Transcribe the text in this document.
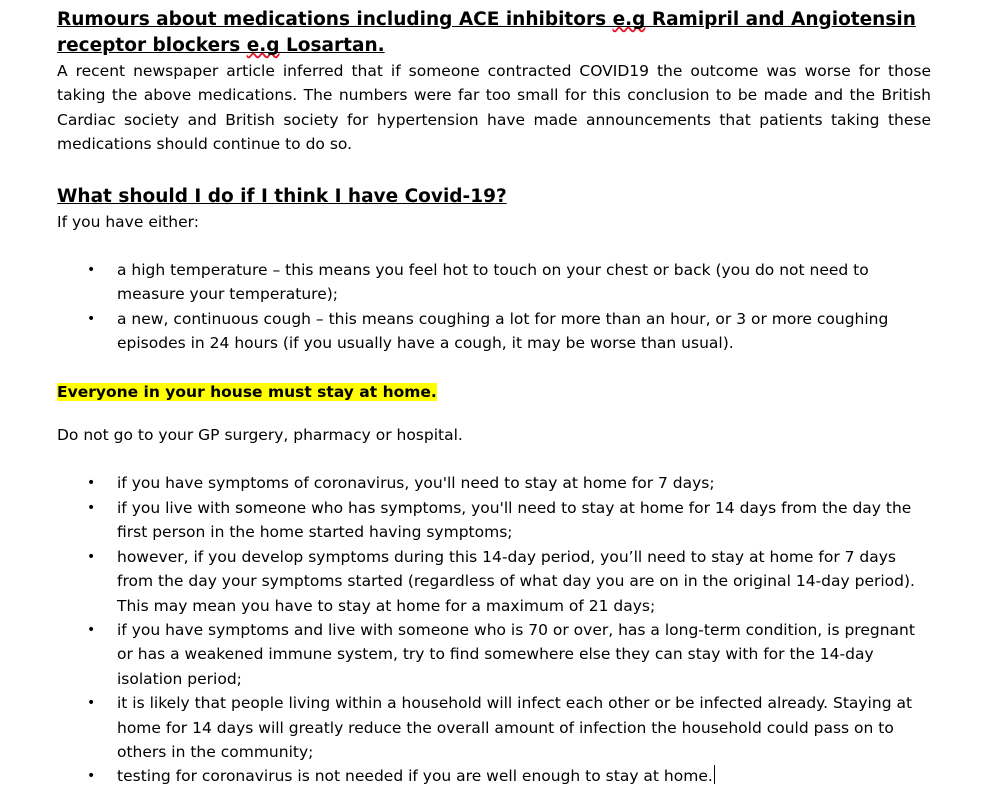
Rumours about medications including ACE inhibitors e.g Ramipril and Angiotensin receptor blockers e.g Losartan.

A recent newspaper article inferred that if someone contracted COVID19 the outcome was worse for those taking the above medications. The numbers were far too small for this conclusion to be made and the British Cardiac society and British society for hypertension have made announcements that patients taking these medications should continue to do so.

What should I do if I think I have Covid-19?

If you have either:

• a high temperature – this means you feel hot to touch on your chest or back (you do not need to measure your temperature);
• a new, continuous cough – this means coughing a lot for more than an hour, or 3 or more coughing episodes in 24 hours (if you usually have a cough, it may be worse than usual).

Everyone in your house must stay at home.

Do not go to your GP surgery, pharmacy or hospital.

• if you have symptoms of coronavirus, you'll need to stay at home for 7 days;
• if you live with someone who has symptoms, you'll need to stay at home for 14 days from the day the first person in the home started having symptoms;
• however, if you develop symptoms during this 14-day period, you’ll need to stay at home for 7 days from the day your symptoms started (regardless of what day you are on in the original 14-day period). This may mean you have to stay at home for a maximum of 21 days;
• if you have symptoms and live with someone who is 70 or over, has a long-term condition, is pregnant or has a weakened immune system, try to find somewhere else they can stay with for the 14-day isolation period;
• it is likely that people living within a household will infect each other or be infected already. Staying at home for 14 days will greatly reduce the overall amount of infection the household could pass on to others in the community;
• testing for coronavirus is not needed if you are well enough to stay at home.
